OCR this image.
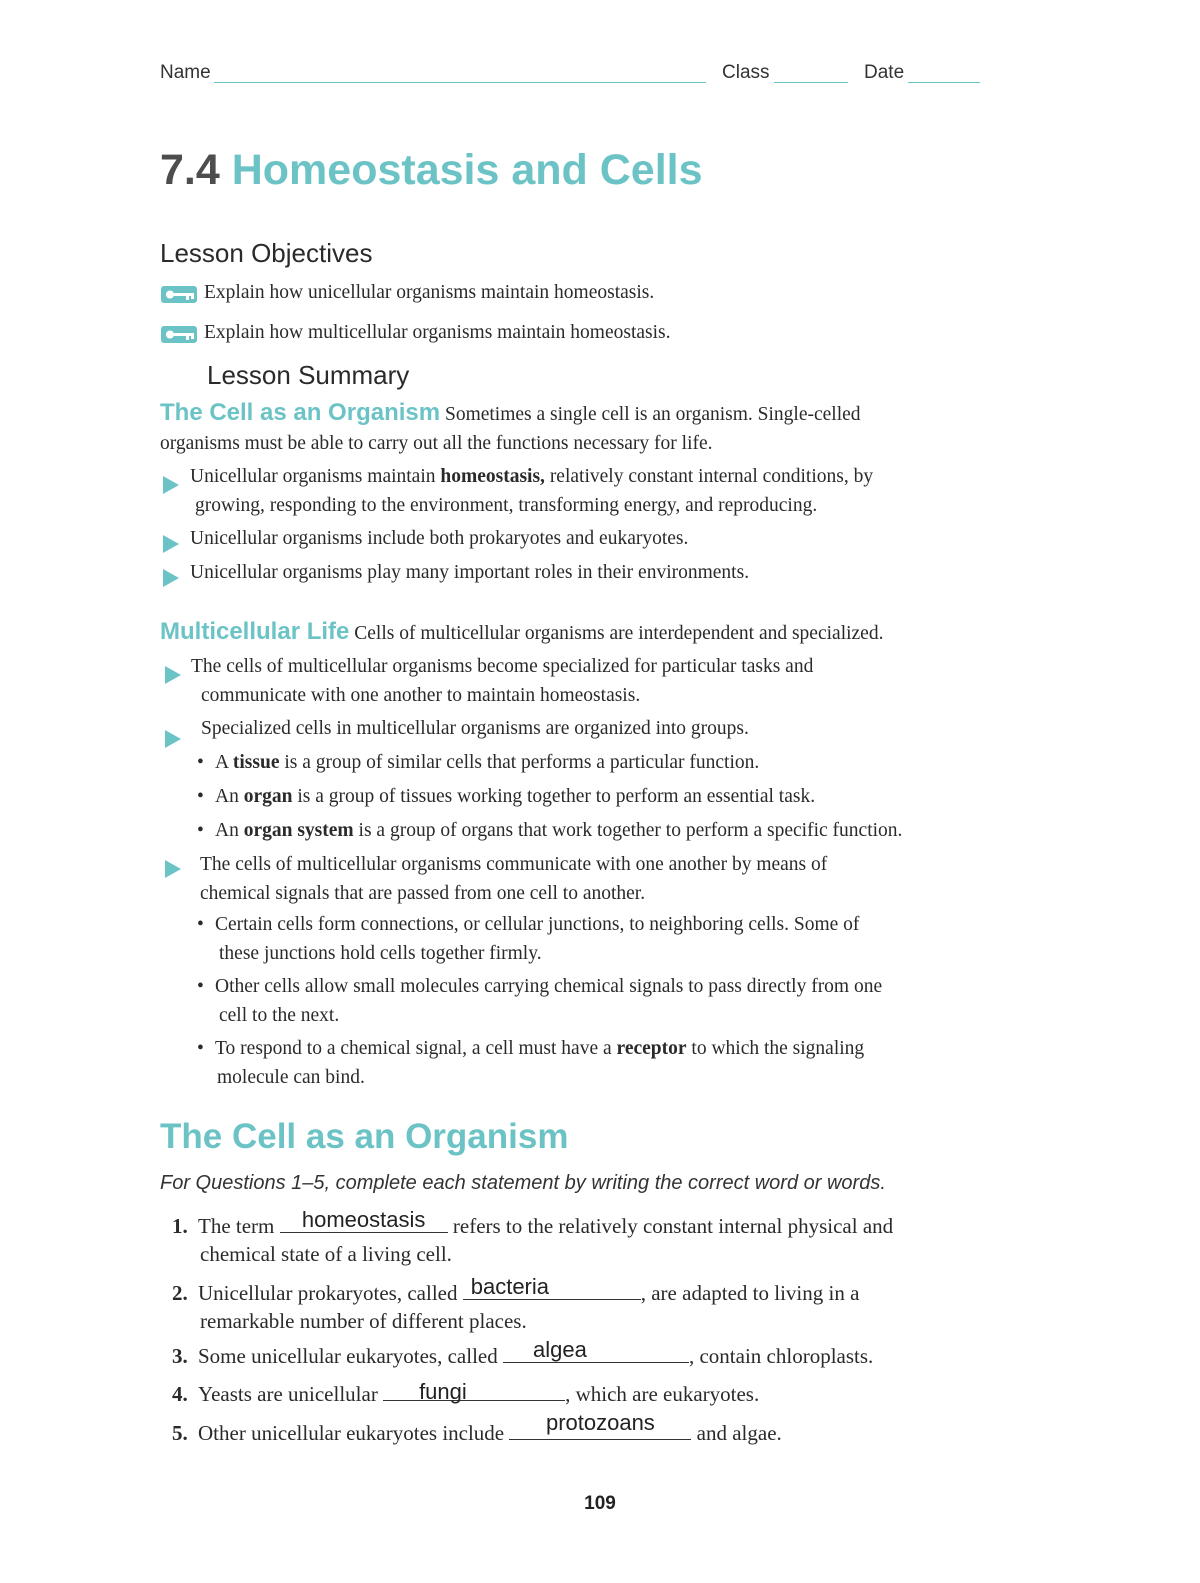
Name	Class	Date
7.4 Homeostasis and Cells
Lesson Objectives
Explain how unicellular organisms maintain homeostasis.
Explain how multicellular organisms maintain homeostasis.
Lesson Summary
The Cell as an Organism Sometimes a single cell is an organism. Single-celled
organisms must be able to carry out all the functions necessary for life.
Unicellular organisms maintain homeostasis, relatively constant internal conditions, by
growing, responding to the environment, transforming energy, and reproducing.
Unicellular organisms include both prokaryotes and eukaryotes.
Unicellular organisms play many important roles in their environments.
Multicellular Life Cells of multicellular organisms are interdependent and specialized.
The cells of multicellular organisms become specialized for particular tasks and
communicate with one another to maintain homeostasis.
Specialized cells in multicellular organisms are organized into groups.
• A tissue is a group of similar cells that performs a particular function.
• An organ is a group of tissues working together to perform an essential task.
• An organ system is a group of organs that work together to perform a specific function.
The cells of multicellular organisms communicate with one another by means of
chemical signals that are passed from one cell to another.
• Certain cells form connections, or cellular junctions, to neighboring cells. Some of
these junctions hold cells together firmly.
• Other cells allow small molecules carrying chemical signals to pass directly from one
cell to the next.
• To respond to a chemical signal, a cell must have a receptor to which the signaling
molecule can bind.
The Cell as an Organism
For Questions 1–5, complete each statement by writing the correct word or words.
1. The term	homeostasis	refers to the relatively constant internal physical and
chemical state of a living cell.
2. Unicellular prokaryotes, called bacteria	, are adapted to living in a
remarkable number of different places.
3. Some unicellular eukaryotes, called	algea	, contain chloroplasts.
4. Yeasts are unicellular	fungi	, which are eukaryotes.
5. Other unicellular eukaryotes include	protozoans	and algae.
109
